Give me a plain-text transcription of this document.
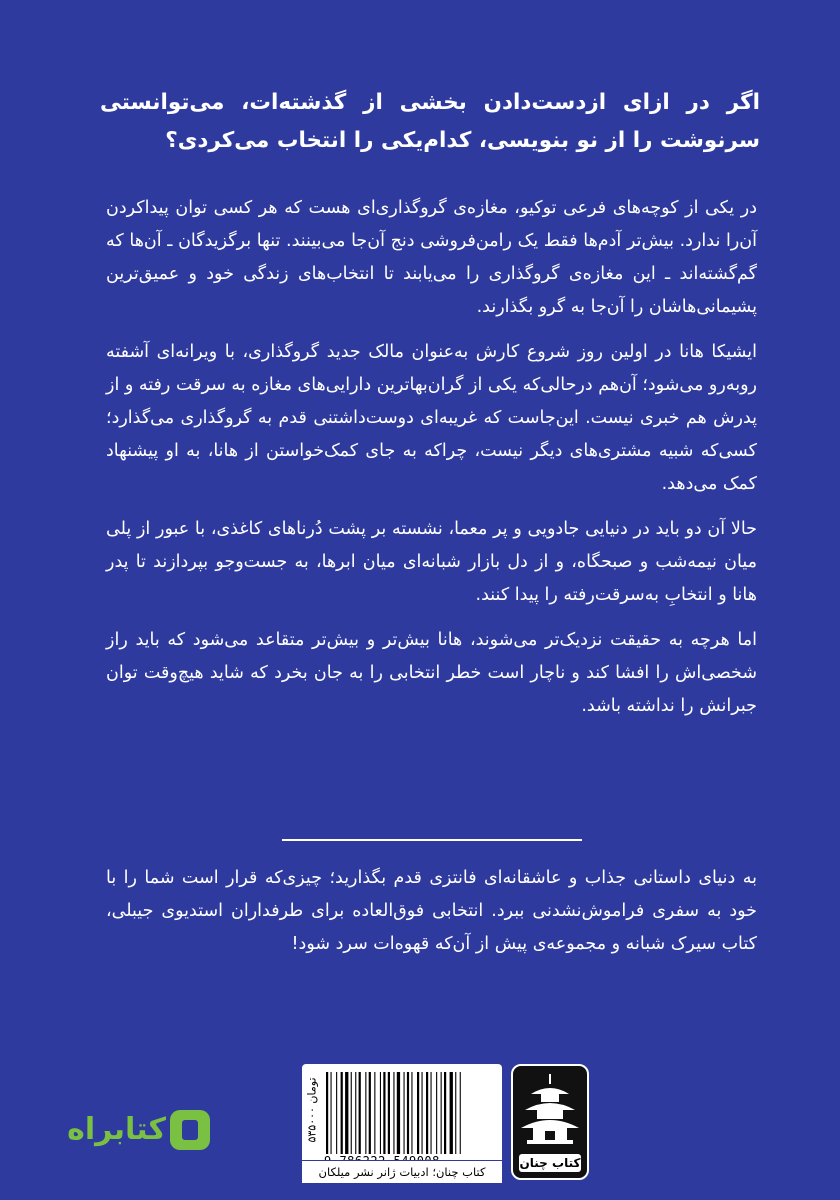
اگر در ازای ازدست‌دادن بخشی از گذشته‌ات، می‌توانستی سرنوشت را از نو بنویسی، کدام‌یکی را انتخاب می‌کردی؟

در یکی از کوچه‌های فرعی توکیو، مغازه‌ی گروگذاری‌ای هست که هر کسی توان پیداکردن آن‌را ندارد. بیش‌تر آدم‌ها فقط یک رامن‌فروشی دنج آن‌جا می‌بینند. تنها برگزیدگان ـ آن‌ها که گم‌گشته‌اند ـ این مغازه‌ی گروگذاری را می‌یابند تا انتخاب‌های زندگی خود و عمیق‌ترین پشیمانی‌هاشان را آن‌جا به گرو بگذارند.

ایشیکا هانا در اولین روز شروع کارش به‌عنوان مالک جدید گروگذاری، با ویرانه‌ای آشفته روبه‌رو می‌شود؛ آن‌هم درحالی‌که یکی از گران‌بهاترین دارایی‌های مغازه به سرقت رفته و از پدرش هم خبری نیست. این‌جاست که غریبه‌ای دوست‌داشتنی قدم به گروگذاری می‌گذارد؛ کسی‌که شبیه مشتری‌های دیگر نیست، چراکه به جای کمک‌خواستن از هانا، به او پیشنهاد کمک می‌دهد.

حالا آن دو باید در دنیایی جادویی و پر معما، نشسته بر پشت دُرناهای کاغذی، با عبور از پلی میان نیمه‌شب و صبحگاه، و از دل بازار شبانه‌ای میان ابرها، به جست‌وجو بپردازند تا پدر هانا و انتخابِ به‌سرقت‌رفته را پیدا کنند.

اما هرچه به حقیقت نزدیک‌تر می‌شوند، هانا بیش‌تر و بیش‌تر متقاعد می‌شود که باید راز شخصی‌اش را افشا کند و ناچار است خطر انتخابی را به جان بخرد که شاید هیچ‌وقت توان جبرانش را نداشته باشد.

به دنیای داستانی جذاب و عاشقانه‌ای فانتزی قدم بگذارید؛ چیزی‌که قرار است شما را با خود به سفری فراموش‌نشدنی ببرد. انتخابی فوق‌العاده برای طرفداران استدیوی جیبلی، کتاب سیرک شبانه و مجموعه‌ی پیش از آن‌که قهوه‌ات سرد شود!
کتابراه	۵۳۵۰۰۰ تومان
کتاب چنان؛ ادبیات ژانر نشر میلکان
کتاب چنان
